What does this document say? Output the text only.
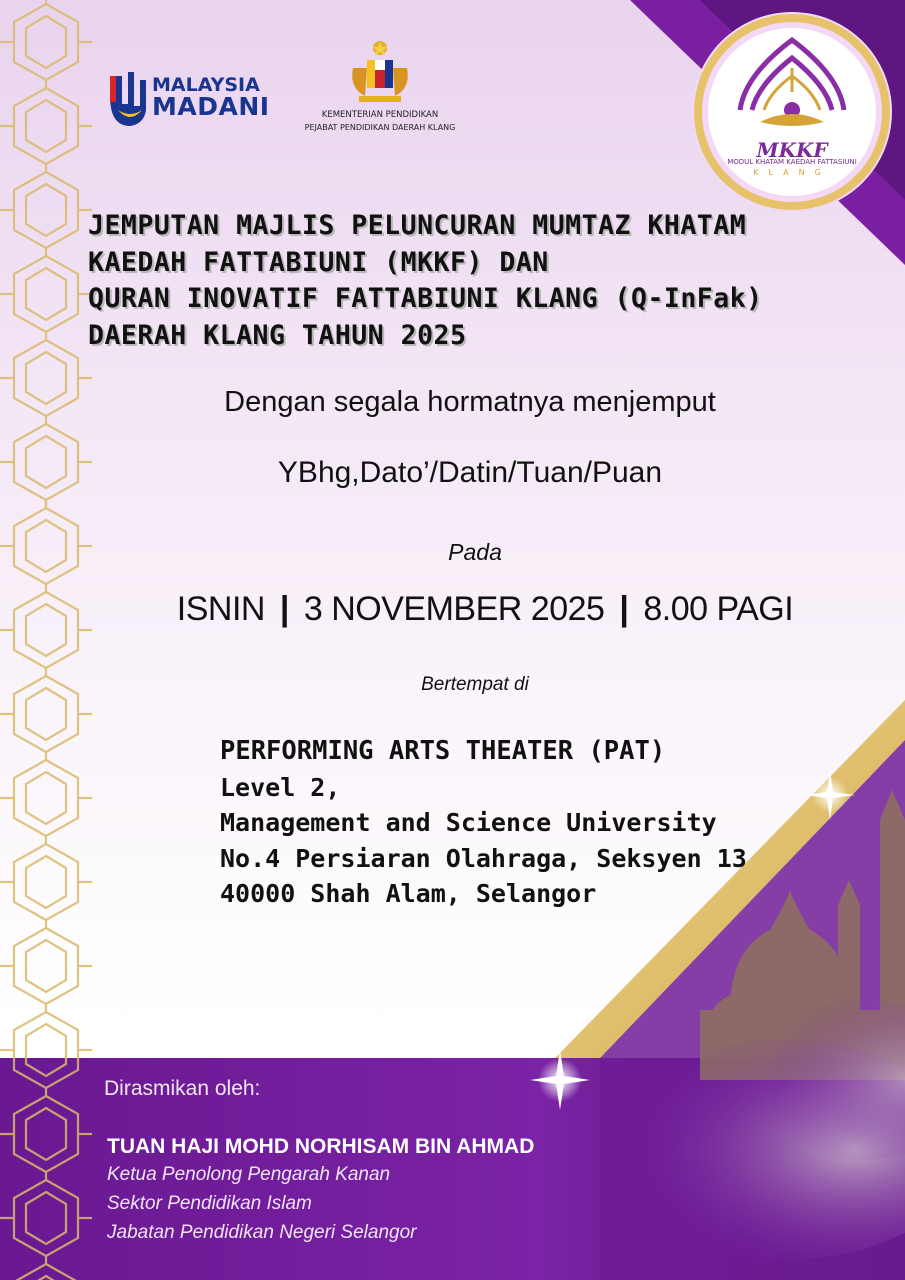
MALAYSIA
MADANI	KEMENTERIAN PENDIDIKAN
PEJABAT PENDIDIKAN DAERAH KLANG
MKKF
MODUL KHATAM KAEDAH FATTASIUNI
KLANG
JEMPUTAN MAJLIS PELUNCURAN MUMTAZ KHATAM
KAEDAH FATTABIUNI (MKKF) DAN
QURAN INOVATIF FATTABIUNI KLANG (Q-InFak)
DAERAH KLANG TAHUN 2025
Dengan segala hormatnya menjemput
YBhg,Dato’/Datin/Tuan/Puan
Pada
ISNIN | 3 NOVEMBER 2025 | 8.00 PAGI
Bertempat di
PERFORMING ARTS THEATER (PAT)
Level 2,
Management and Science University
No.4 Persiaran Olahraga, Seksyen 13
40000 Shah Alam, Selangor
Dirasmikan oleh:
TUAN HAJI MOHD NORHISAM BIN AHMAD
Ketua Penolong Pengarah Kanan
Sektor Pendidikan Islam
Jabatan Pendidikan Negeri Selangor
